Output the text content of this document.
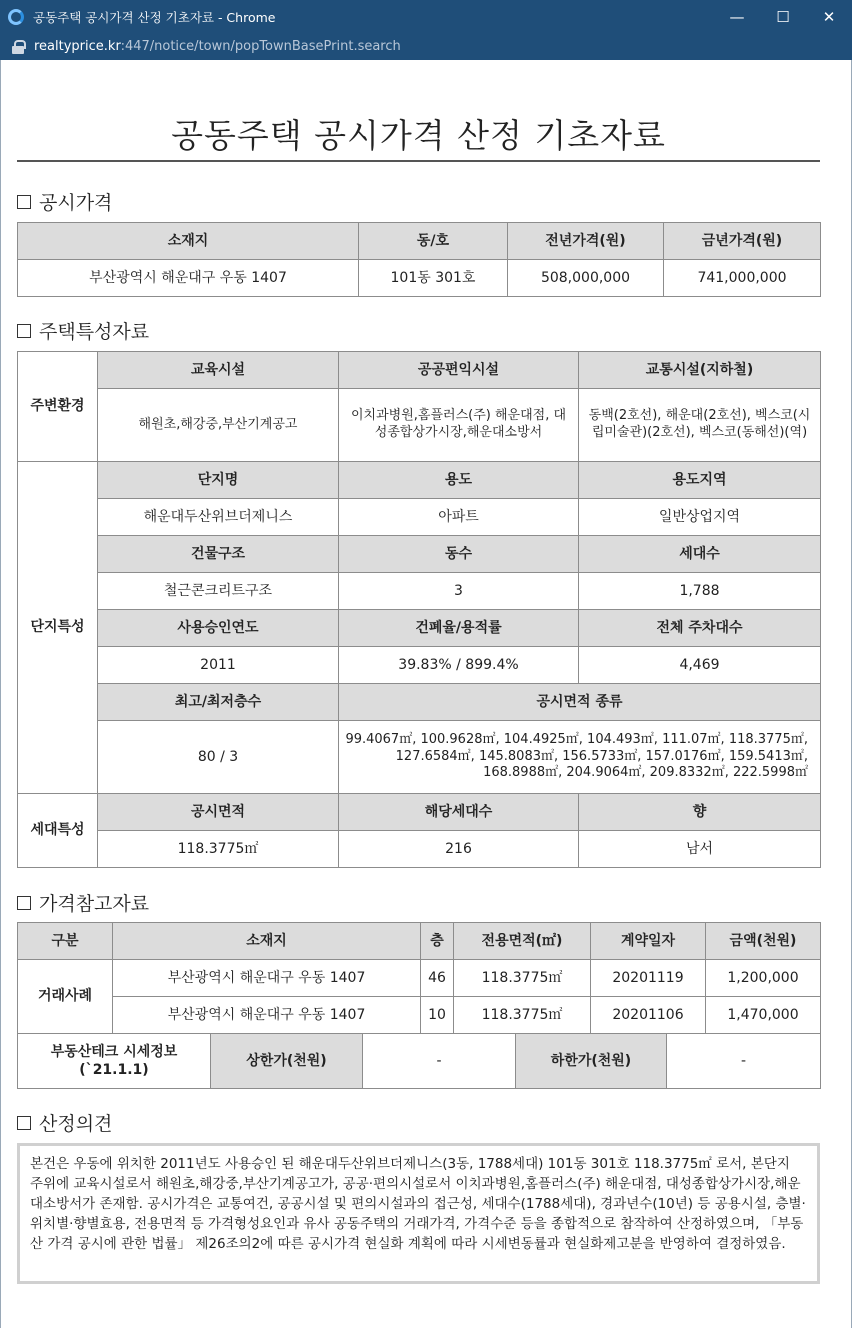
공동주택 공시가격 산정 기초자료 - Chrome	—	☐	✕
realtyprice.kr:447/notice/town/popTownBasePrint.search
공동주택 공시가격 산정 기초자료
공시가격
소재지	동/호	전년가격(원)	금년가격(원)
부산광역시 해운대구 우동 1407	101동 301호	508,000,000	741,000,000
주택특성자료
주변환경	교육시설	공공편익시설	교통시설(지하철)
	해원초,해강중,부산기계공고	이치과병원,홈플러스(주) 해운대점, 대성종합상가시장,해운대소방서	동백(2호선), 해운대(2호선), 벡스코(시립미술관)(2호선), 벡스코(동해선)(역)
단지특성	단지명	용도	용도지역
	해운대두산위브더제니스	아파트	일반상업지역
	건물구조	동수	세대수
	철근콘크리트구조	3	1,788
	사용승인연도	건폐율/용적률	전체 주차대수
	2011	39.83% / 899.4%	4,469
	최고/최저층수	공시면적 종류	
	80 / 3	99.4067㎡, 100.9628㎡, 104.4925㎡, 104.493㎡, 111.07㎡, 118.3775㎡, 127.6584㎡, 145.8083㎡, 156.5733㎡, 157.0176㎡, 159.5413㎡, 168.8988㎡, 204.9064㎡, 209.8332㎡, 222.5998㎡	
세대특성	공시면적	해당세대수	향
	118.3775㎡	216	남서
가격참고자료
구분	소재지	층	전용면적(㎡)	계약일자	금액(천원)
거래사례	부산광역시 해운대구 우동 1407	46	118.3775㎡	20201119	1,200,000
	부산광역시 해운대구 우동 1407	10	118.3775㎡	20201106	1,470,000
부동산테크 시세정보 (`21.1.1)	상한가(천원)	-	하한가(천원)	-
산정의견
본건은 우동에 위치한 2011년도 사용승인 된 해운대두산위브더제니스(3동, 1788세대) 101동 301호 118.3775㎡ 로서, 본단지 주위에 교육시설로서 해원초,해강중,부산기계공고가, 공공·편의시설로서 이치과병원,홈플러스(주) 해운대점, 대성종합상가시장,해운대소방서가 존재함. 공시가격은 교통여건, 공공시설 및 편의시설과의 접근성, 세대수(1788세대), 경과년수(10년) 등 공용시설, 층별·위치별·향별효용, 전용면적 등 가격형성요인과 유사 공동주택의 거래가격, 가격수준 등을 종합적으로 참작하여 산정하였으며, 「부동산 가격 공시에 관한 법률」 제26조의2에 따른 공시가격 현실화 계획에 따라 시세변동률과 현실화제고분을 반영하여 결정하였음.
